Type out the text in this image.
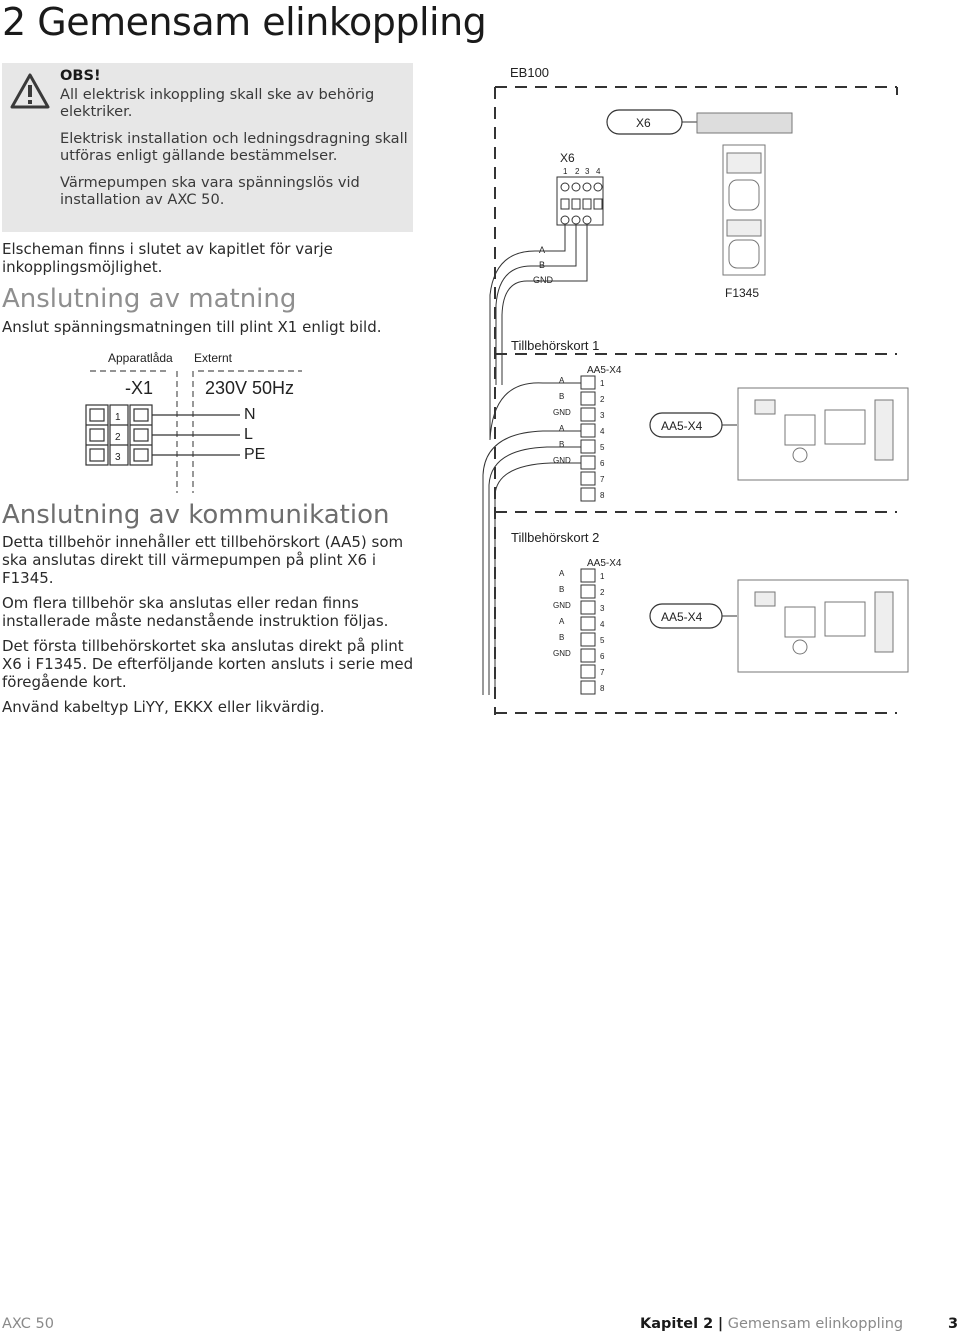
2 Gemensam elinkoppling
OBS!

All elektrisk inkoppling skall ske av behörig elektriker.

Elektrisk installation och ledningsdragning skall utföras enligt gällande bestämmelser.

Värmepumpen ska vara spänningslös vid installation av AXC 50.

Elscheman finns i slutet av kapitlet för varje inkopplingsmöjlighet.
Anslutning av matning
Anslut spänningsmatningen till plint X1 enligt bild.
Apparatlåda Externt
-X1	230V 50Hz
1
2
3
N
L
PE
Anslutning av kommunikation

Detta tillbehör innehåller ett tillbehörskort (AA5) som ska anslutas direkt till värmepumpen på plint X6 i F1345.

Om flera tillbehör ska anslutas eller redan finns installerade måste nedanstående instruktion följas.

Det första tillbehörskortet ska anslutas direkt på plint X6 i F1345. De efterföljande korten ansluts i serie med föregående kort.

Använd kabeltyp LiYY, EKKX eller likvärdig.

EB100
X6
1 2 3 4
X6
F1345
A
B
GND
Tillbehörskort 1
AA5-X4
A
B
GND
A
B
GND
1
2
3
4
5
6
7
8
AA5-X4
Tillbehörskort 2
AA5-X4
A
B
GND
A
B
GND
1
2
3
4
5
6
7
8
AA5-X4
AXC 50	Kapitel 2 | Gemensam elinkoppling	3
